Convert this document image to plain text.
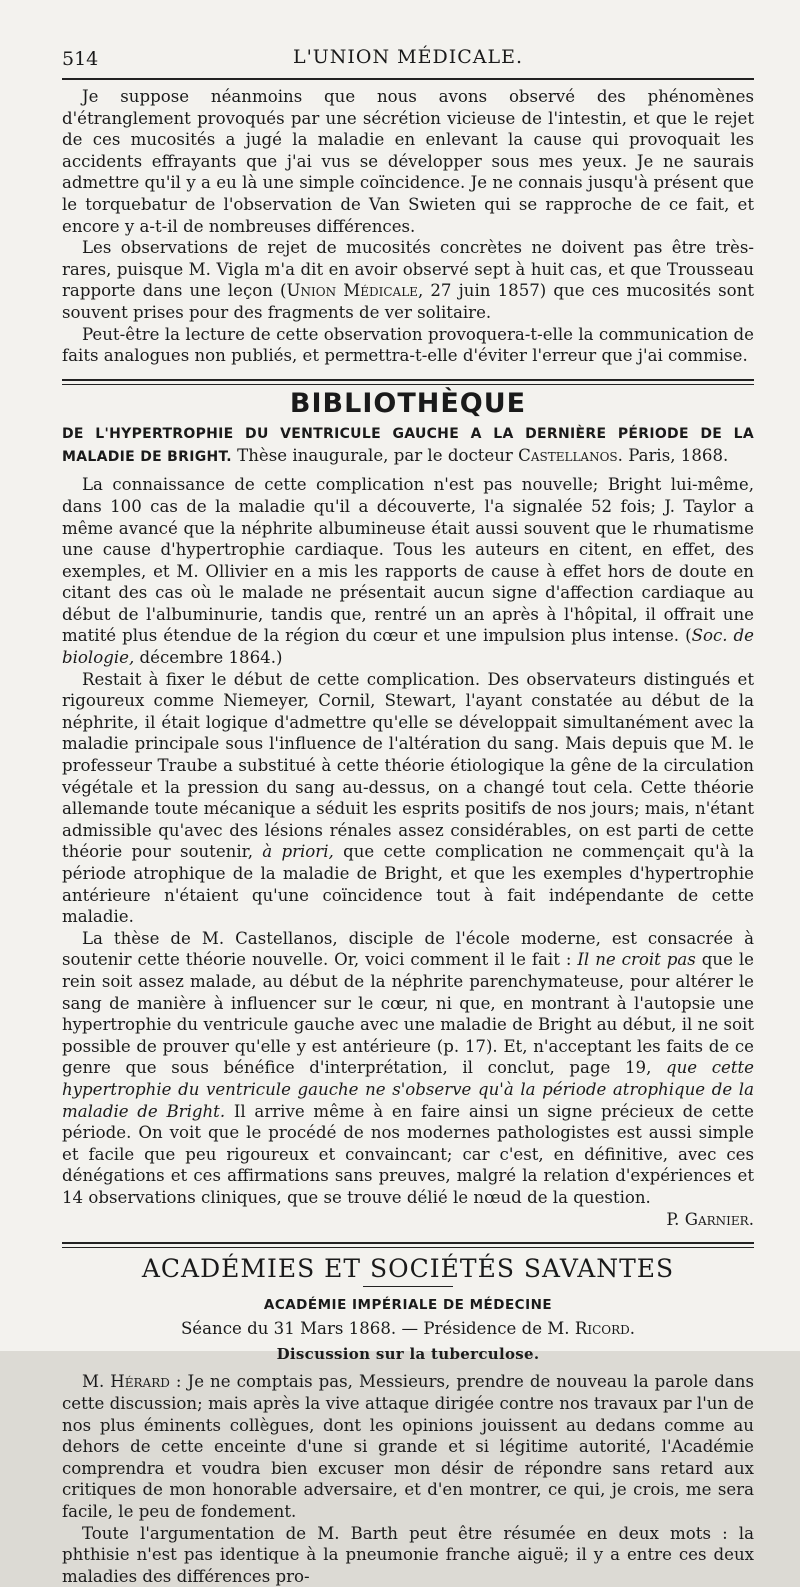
514	L'UNION MÉDICALE.

Je suppose néanmoins que nous avons observé des phénomènes d'étranglement provoqués par une sécrétion vicieuse de l'intestin, et que le rejet de ces mucosités a jugé la maladie en enlevant la cause qui provoquait les accidents effrayants que j'ai vus se développer sous mes yeux. Je ne saurais admettre qu'il y a eu là une simple coïncidence. Je ne connais jusqu'à présent que le torquebatur de l'observation de Van Swieten qui se rapproche de ce fait, et encore y a-t-il de nombreuses différences.

Les observations de rejet de mucosités concrètes ne doivent pas être très-rares, puisque M. Vigla m'a dit en avoir observé sept à huit cas, et que Trousseau rapporte dans une leçon (Union Médicale, 27 juin 1857) que ces mucosités sont souvent prises pour des fragments de ver solitaire.

Peut-être la lecture de cette observation provoquera-t-elle la communication de faits analogues non publiés, et permettra-t-elle d'éviter l'erreur que j'ai commise.

BIBLIOTHÈQUE

DE L'HYPERTROPHIE DU VENTRICULE GAUCHE A LA DERNIÈRE PÉRIODE DE LA MALADIE DE BRIGHT. Thèse inaugurale, par le docteur Castellanos. Paris, 1868.

La connaissance de cette complication n'est pas nouvelle; Bright lui-même, dans 100 cas de la maladie qu'il a découverte, l'a signalée 52 fois; J. Taylor a même avancé que la néphrite albumineuse était aussi souvent que le rhumatisme une cause d'hypertrophie cardiaque. Tous les auteurs en citent, en effet, des exemples, et M. Ollivier en a mis les rapports de cause à effet hors de doute en citant des cas où le malade ne présentait aucun signe d'affection cardiaque au début de l'albuminurie, tandis que, rentré un an après à l'hôpital, il offrait une matité plus étendue de la région du cœur et une impulsion plus intense. (Soc. de biologie, décembre 1864.)

Restait à fixer le début de cette complication. Des observateurs distingués et rigoureux comme Niemeyer, Cornil, Stewart, l'ayant constatée au début de la néphrite, il était logique d'admettre qu'elle se développait simultanément avec la maladie principale sous l'influence de l'altération du sang. Mais depuis que M. le professeur Traube a substitué à cette théorie étiologique la gêne de la circulation végétale et la pression du sang au-dessus, on a changé tout cela. Cette théorie allemande toute mécanique a séduit les esprits positifs de nos jours; mais, n'étant admissible qu'avec des lésions rénales assez considérables, on est parti de cette théorie pour soutenir, à priori, que cette complication ne commençait qu'à la période atrophique de la maladie de Bright, et que les exemples d'hypertrophie antérieure n'étaient qu'une coïncidence tout à fait indépendante de cette maladie.

La thèse de M. Castellanos, disciple de l'école moderne, est consacrée à soutenir cette théorie nouvelle. Or, voici comment il le fait : Il ne croit pas que le rein soit assez malade, au début de la néphrite parenchymateuse, pour altérer le sang de manière à influencer sur le cœur, ni que, en montrant à l'autopsie une hypertrophie du ventricule gauche avec une maladie de Bright au début, il ne soit possible de prouver qu'elle y est antérieure (p. 17). Et, n'acceptant les faits de ce genre que sous bénéfice d'interprétation, il conclut, page 19, que cette hypertrophie du ventricule gauche ne s'observe qu'à la période atrophique de la maladie de Bright. Il arrive même à en faire ainsi un signe précieux de cette période. On voit que le procédé de nos modernes pathologistes est aussi simple et facile que peu rigoureux et convaincant; car c'est, en définitive, avec ces dénégations et ces affirmations sans preuves, malgré la relation d'expériences et 14 observations cliniques, que se trouve délié le nœud de la question.

P. Garnier.

ACADÉMIES ET SOCIÉTÉS SAVANTES

ACADÉMIE IMPÉRIALE DE MÉDECINE

Séance du 31 Mars 1868. — Présidence de M. Ricord.

Discussion sur la tuberculose.

M. Hérard : Je ne comptais pas, Messieurs, prendre de nouveau la parole dans cette discussion; mais après la vive attaque dirigée contre nos travaux par l'un de nos plus éminents collègues, dont les opinions jouissent au dedans comme au dehors de cette enceinte d'une si grande et si légitime autorité, l'Académie comprendra et voudra bien excuser mon désir de répondre sans retard aux critiques de mon honorable adversaire, et d'en montrer, ce qui, je crois, me sera facile, le peu de fondement.

Toute l'argumentation de M. Barth peut être résumée en deux mots : la phthisie n'est pas identique à la pneumonie franche aiguë; il y a entre ces deux maladies des différences pro-
